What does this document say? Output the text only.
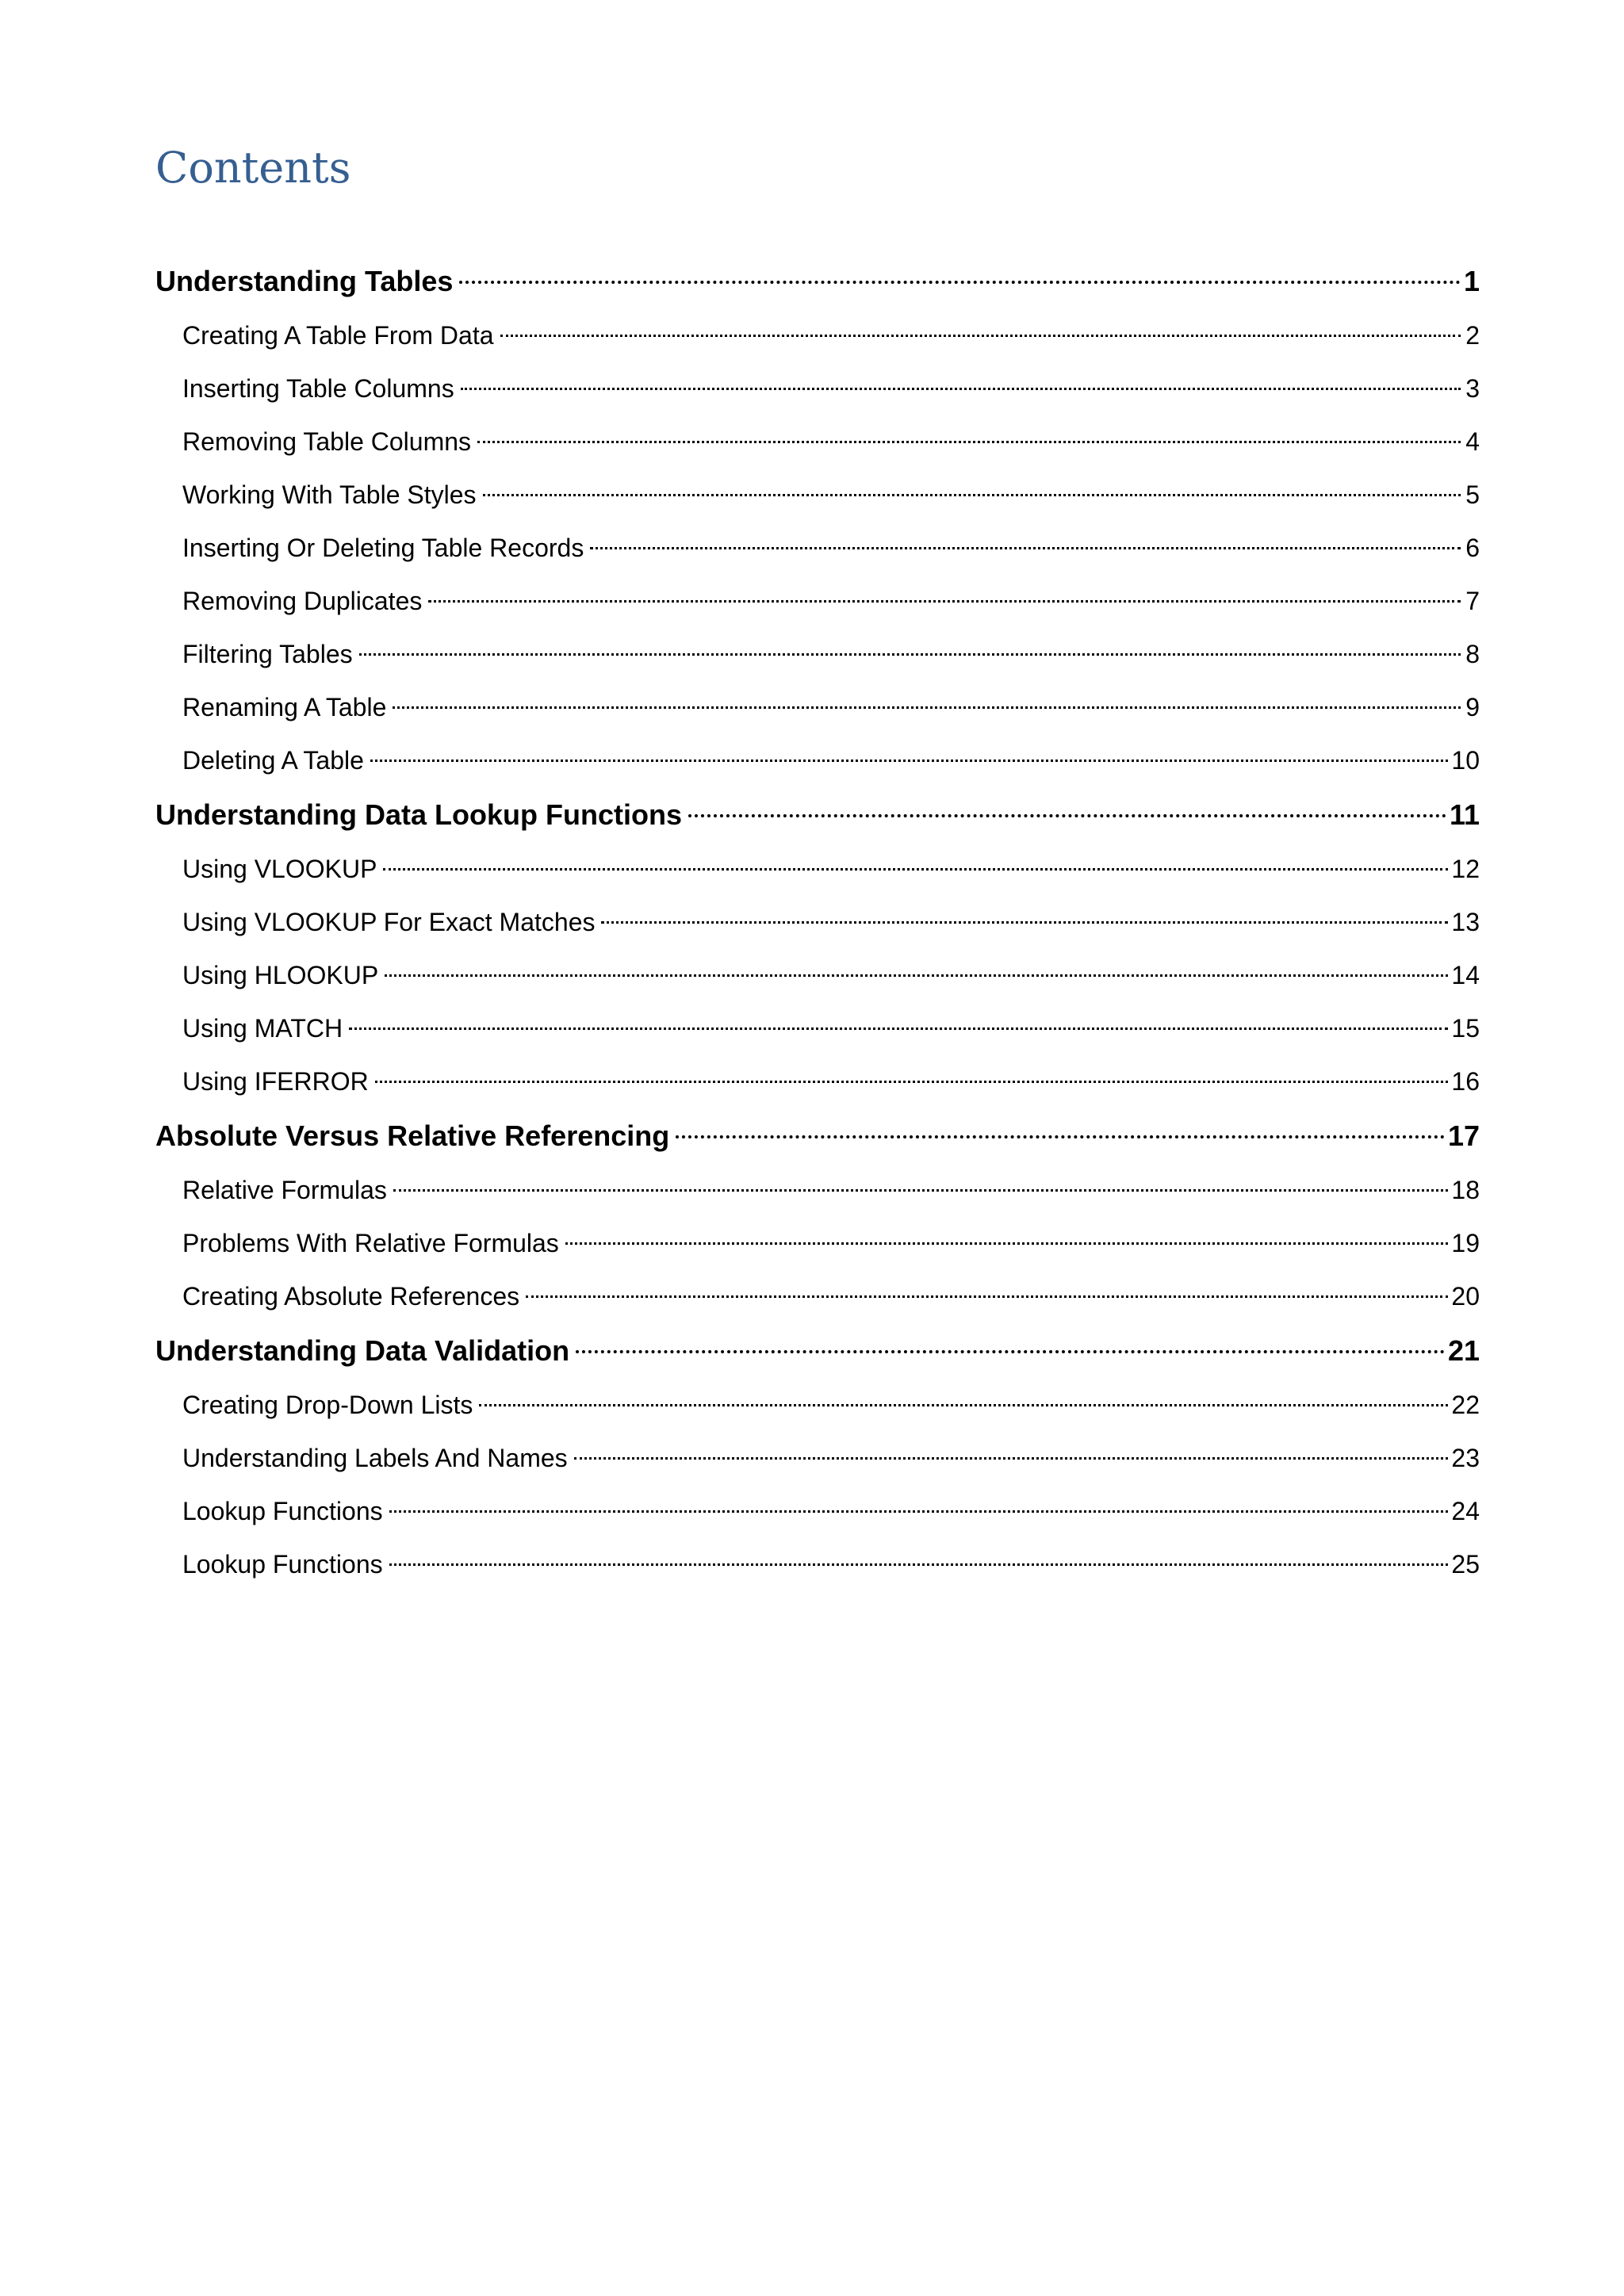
Contents
Understanding Tables	1
Creating A Table From Data	2
Inserting Table Columns	3
Removing Table Columns	4
Working With Table Styles	5
Inserting Or Deleting Table Records	6
Removing Duplicates	7
Filtering Tables	8
Renaming A Table	9
Deleting A Table	10
Understanding Data Lookup Functions	11
Using VLOOKUP	12
Using VLOOKUP For Exact Matches	13
Using HLOOKUP	14
Using MATCH	15
Using IFERROR	16
Absolute Versus Relative Referencing	17
Relative Formulas	18
Problems With Relative Formulas	19
Creating Absolute References	20
Understanding Data Validation	21
Creating Drop-Down Lists	22
Understanding Labels And Names	23
Lookup Functions	24
Lookup Functions	25
